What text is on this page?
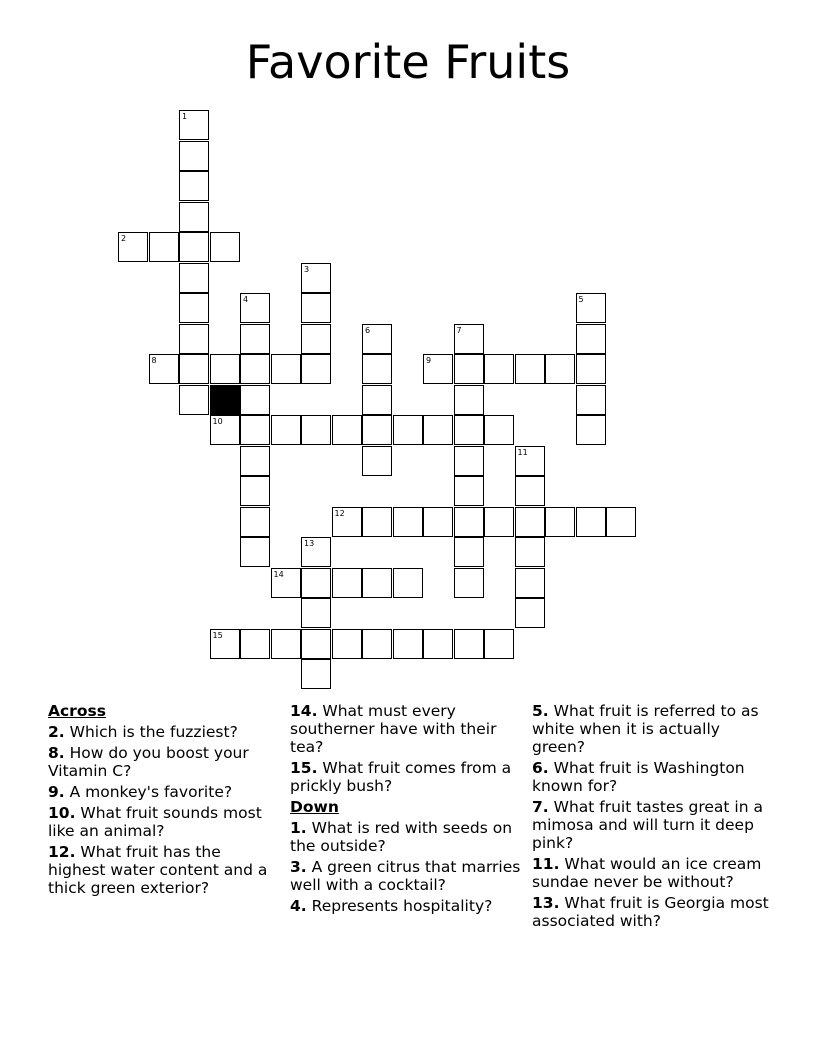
Favorite Fruits
1
2
3
4	5
6	7
8	9
10
11
12
13
14
15
Across
2. Which is the fuzziest?
8. How do you boost your Vitamin C?
9. A monkey's favorite?
10. What fruit sounds most like an animal?
12. What fruit has the highest water content and a thick green exterior?
14. What must every southerner have with their tea?
15. What fruit comes from a prickly bush?
Down
1. What is red with seeds on the outside?
3. A green citrus that marries well with a cocktail?
4. Represents hospitality?
5. What fruit is referred to as white when it is actually green?
6. What fruit is Washington known for?
7. What fruit tastes great in a mimosa and will turn it deep pink?
11. What would an ice cream sundae never be without?
13. What fruit is Georgia most associated with?
